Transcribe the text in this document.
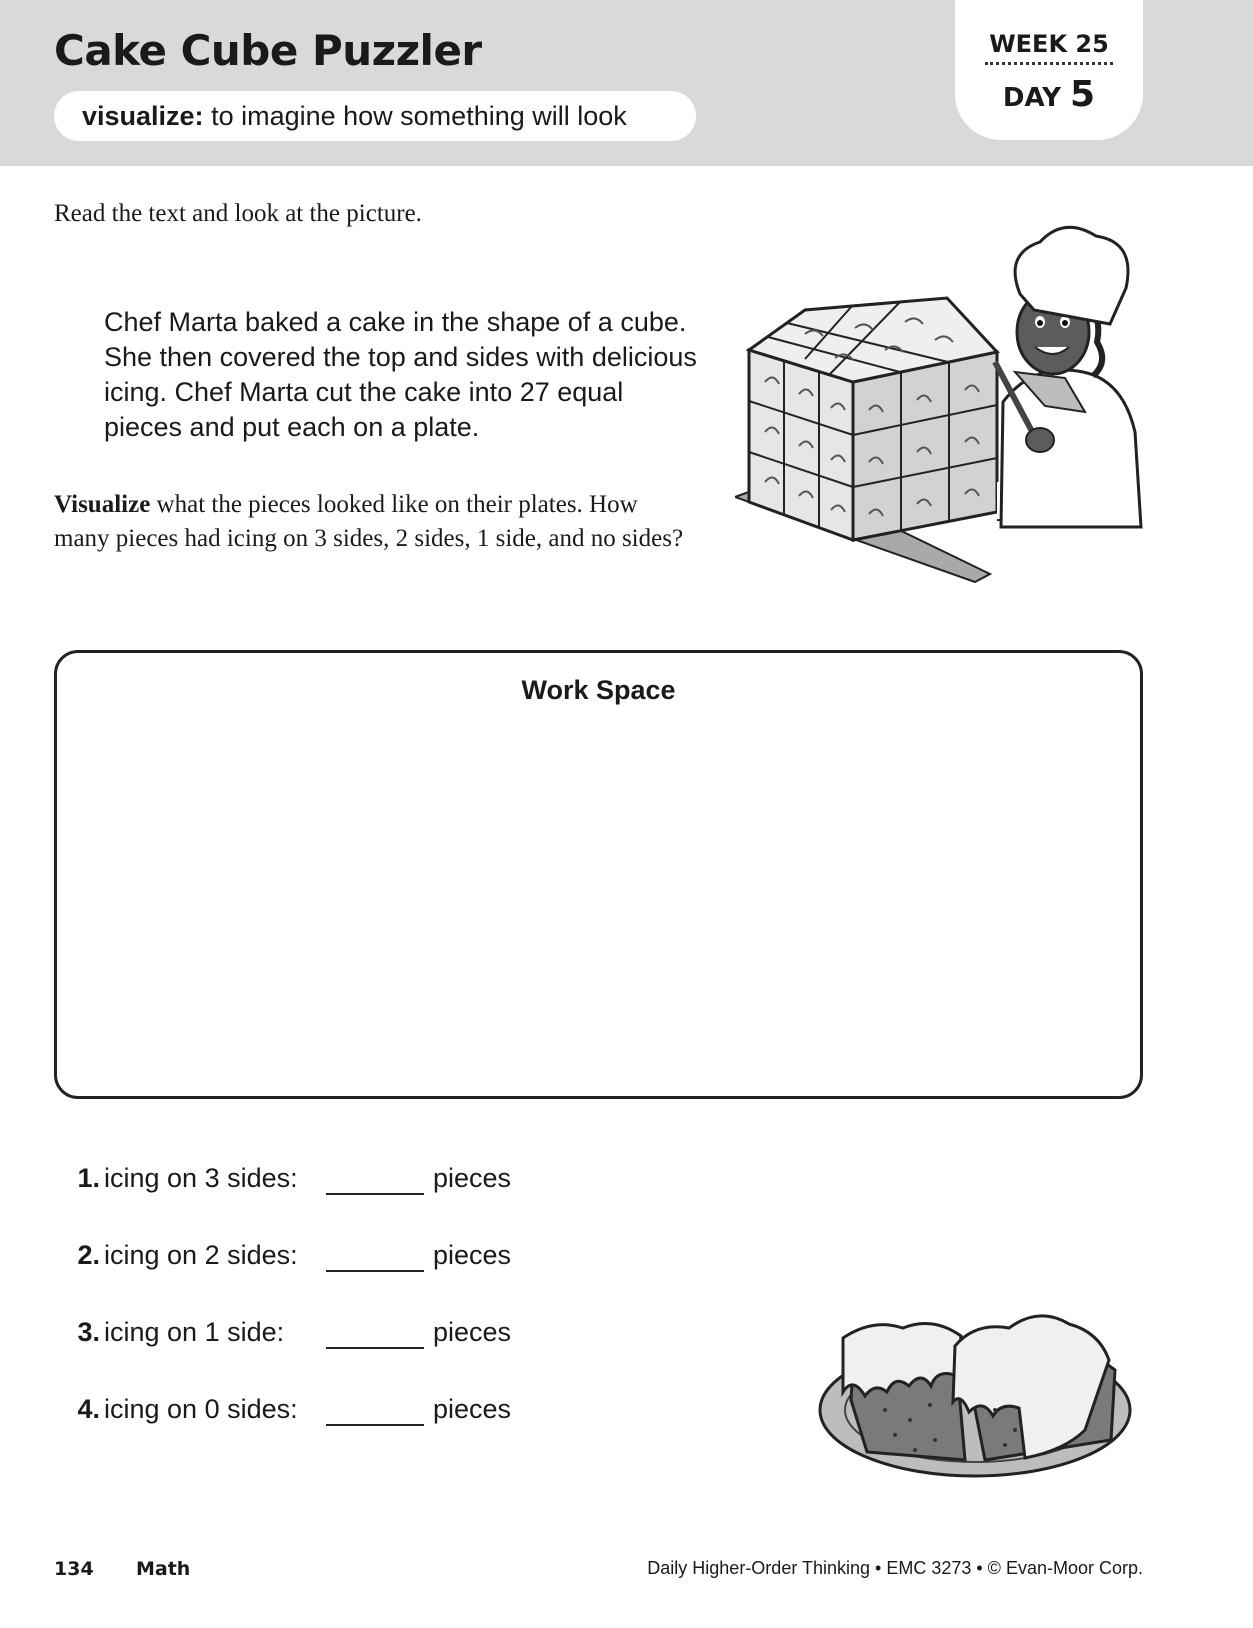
Cake Cube Puzzler
visualize: to imagine how something will look
WEEK 25
DAY 5

Read the text and look at the picture.

Chef Marta baked a cake in the shape of a cube. She then covered the top and sides with delicious icing. Chef Marta cut the cake into 27 equal pieces and put each on a plate.

Visualize what the pieces looked like on their plates. How many pieces had icing on 3 sides, 2 sides, 1 side, and no sides?

Work Space

1. icing on 3 sides:	pieces
2. icing on 2 sides:	pieces
3. icing on 1 side:	pieces
4. icing on 0 sides:	pieces
134 Math	Daily Higher-Order Thinking • EMC 3273 • © Evan-Moor Corp.
